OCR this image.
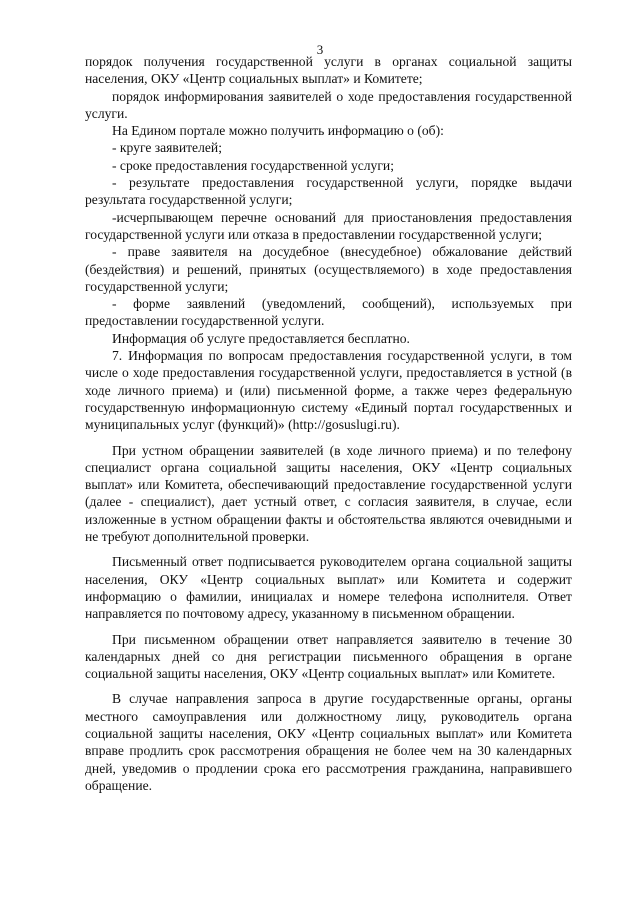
3

порядок получения государственной услуги в органах социальной защиты населения, ОКУ «Центр социальных выплат» и Комитете;

порядок информирования заявителей о ходе предоставления государственной услуги.

На Едином портале можно получить информацию о (об):

- круге заявителей;

- сроке предоставления государственной услуги;

- результате предоставления государственной услуги, порядке выдачи результата государственной услуги;

-исчерпывающем перечне оснований для приостановления предоставления государственной услуги или отказа в предоставлении государственной услуги;

- праве заявителя на досудебное (внесудебное) обжалование действий (бездействия) и решений, принятых (осуществляемого) в ходе предоставления государственной услуги;

- форме заявлений (уведомлений, сообщений), используемых при предоставлении государственной услуги.

Информация об услуге предоставляется бесплатно.

7. Информация по вопросам предоставления государственной услуги, в том числе о ходе предоставления государственной услуги, предоставляется в устной (в ходе личного приема) и (или) письменной форме, а также через федеральную государственную информационную систему «Единый портал государственных и муниципальных услуг (функций)» (http://gosuslugi.ru).

При устном обращении заявителей (в ходе личного приема) и по телефону специалист органа социальной защиты населения, ОКУ «Центр социальных выплат» или Комитета, обеспечивающий предоставление государственной услуги (далее - специалист), дает устный ответ, с согласия заявителя, в случае, если изложенные в устном обращении факты и обстоятельства являются очевидными и не требуют дополнительной проверки.

Письменный ответ подписывается руководителем органа социальной защиты населения, ОКУ «Центр социальных выплат» или Комитета и содержит информацию о фамилии, инициалах и номере телефона исполнителя. Ответ направляется по почтовому адресу, указанному в письменном обращении.

При письменном обращении ответ направляется заявителю в течение 30 календарных дней со дня регистрации письменного обращения в органе социальной защиты населения, ОКУ «Центр социальных выплат» или Комитете.

В случае направления запроса в другие государственные органы, органы местного самоуправления или должностному лицу, руководитель органа социальной защиты населения, ОКУ «Центр социальных выплат» или Комитета вправе продлить срок рассмотрения обращения не более чем на 30 календарных дней, уведомив о продлении срока его рассмотрения гражданина, направившего обращение.
